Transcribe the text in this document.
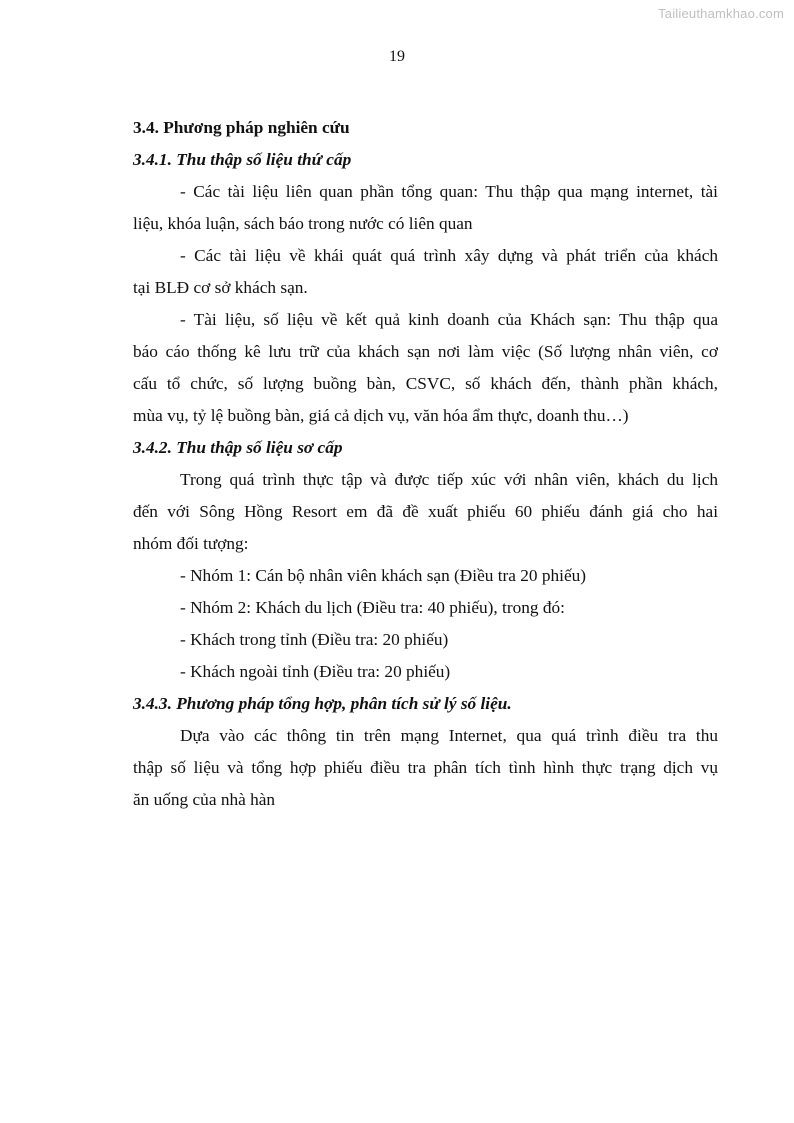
Tailieuthamkhao.com
19
3.4. Phương pháp nghiên cứu
3.4.1. Thu thập số liệu thứ cấp
- Các tài liệu liên quan phần tổng quan: Thu thập qua mạng internet, tài
liệu, khóa luận, sách báo trong nước có liên quan
- Các tài liệu về khái quát quá trình xây dựng và phát triển của khách
tại BLĐ cơ sở khách sạn.
- Tài liệu, số liệu về kết quả kinh doanh của Khách sạn: Thu thập qua
báo cáo thống kê lưu trữ của khách sạn nơi làm việc (Số lượng nhân viên, cơ
cấu tổ chức, số lượng buồng bàn, CSVC, số khách đến, thành phần khách,
mùa vụ, tỷ lệ buồng bàn, giá cả dịch vụ, văn hóa ẩm thực, doanh thu…)
3.4.2. Thu thập số liệu sơ cấp
Trong quá trình thực tập và được tiếp xúc với nhân viên, khách du lịch
đến với Sông Hồng Resort em đã đề xuất phiếu 60 phiếu đánh giá cho hai
nhóm đối tượng:
- Nhóm 1: Cán bộ nhân viên khách sạn (Điều tra 20 phiếu)
- Nhóm 2: Khách du lịch (Điều tra: 40 phiếu), trong đó:
- Khách trong tỉnh (Điều tra: 20 phiếu)
- Khách ngoài tỉnh (Điều tra: 20 phiếu)
3.4.3. Phương pháp tổng hợp, phân tích sử lý số liệu.
Dựa vào các thông tin trên mạng Internet, qua quá trình điều tra thu
thập số liệu và tổng hợp phiếu điều tra phân tích tình hình thực trạng dịch vụ
ăn uống của nhà hàn
